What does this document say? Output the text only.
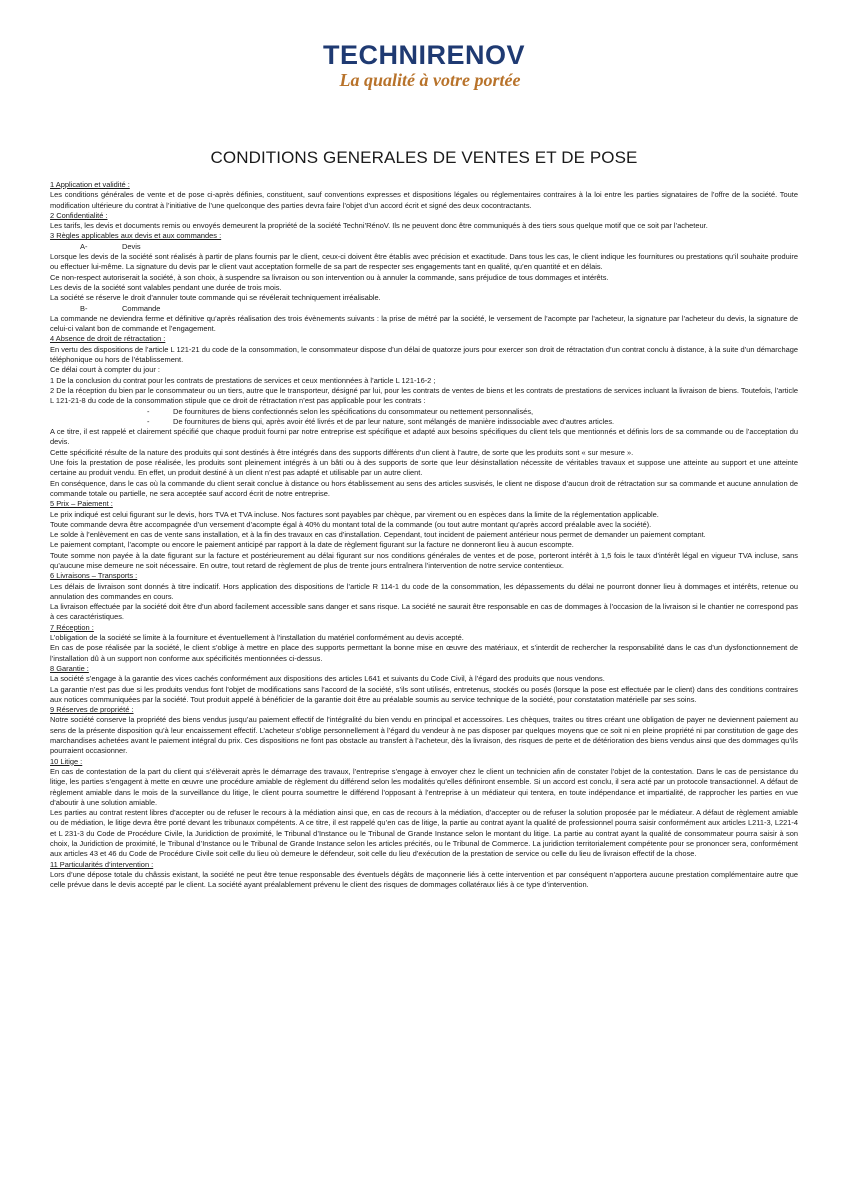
TECHNIRENOV
La qualité à votre portée
CONDITIONS GENERALES DE VENTES ET DE POSE

1 Application et validité :

Les conditions générales de vente et de pose ci-après définies, constituent, sauf conventions expresses et dispositions légales ou réglementaires contraires à la loi entre les parties signataires de l’offre de la société. Toute modification ultérieure du contrat à l’initiative de l’une quelconque des parties devra faire l’objet d’un accord écrit et signé des deux cocontractants.

2 Confidentialité :

Les tarifs, les devis et documents remis ou envoyés demeurent la propriété de la société Techni’RénoV. Ils ne peuvent donc être communiqués à des tiers sous quelque motif que ce soit par l’acheteur.

3 Règles applicables aux devis et aux commandes :

A-	Devis

Lorsque les devis de la société sont réalisés à partir de plans fournis par le client, ceux-ci doivent être établis avec précision et exactitude. Dans tous les cas, le client indique les fournitures ou prestations qu’il souhaite produire ou effectuer lui-même. La signature du devis par le client vaut acceptation formelle de sa part de respecter ses engagements tant en qualité, qu’en quantité et en délais.

Ce non-respect autoriserait la société, à son choix, à suspendre sa livraison ou son intervention ou à annuler la commande, sans préjudice de tous dommages et intérêts.

Les devis de la société sont valables pendant une durée de trois mois.

La société se réserve le droit d’annuler toute commande qui se révélerait techniquement irréalisable.

B-	Commande

La commande ne deviendra ferme et définitive qu’après réalisation des trois évènements suivants : la prise de métré par la société, le versement de l’acompte par l’acheteur, la signature par l’acheteur du devis, la signature de celui-ci valant bon de commande et l’engagement.

4 Absence de droit de rétractation :

En vertu des dispositions de l’article L 121-21 du code de la consommation, le consommateur dispose d’un délai de quatorze jours pour exercer son droit de rétractation d’un contrat conclu à distance, à la suite d’un démarchage téléphonique ou hors de l’établissement.

Ce délai court à compter du jour :

1 De la conclusion du contrat pour les contrats de prestations de services et ceux mentionnées à l’article L 121-16-2 ;

2 De la réception du bien par le consommateur ou un tiers, autre que le transporteur, désigné par lui, pour les contrats de ventes de biens et les contrats de prestations de services incluant la livraison de biens. Toutefois, l’article L 121-21-8 du code de la consommation stipule que ce droit de rétractation n’est pas applicable pour les contrats :

-	De fournitures de biens confectionnés selon les spécifications du consommateur ou nettement personnalisés,

-	De fournitures de biens qui, après avoir été livrés et de par leur nature, sont mélangés de manière indissociable avec d’autres articles.

A ce titre, il est rappelé et clairement spécifié que chaque produit fourni par notre entreprise est spécifique et adapté aux besoins spécifiques du client tels que mentionnés et définis lors de sa commande ou de l’acceptation du devis.

Cette spécificité résulte de la nature des produits qui sont destinés à être intégrés dans des supports différents d’un client à l’autre, de sorte que les produits sont « sur mesure ».

Une fois la prestation de pose réalisée, les produits sont pleinement intégrés à un bâti ou à des supports de sorte que leur désinstallation nécessite de véritables travaux et suppose une atteinte au support et une atteinte certaine au produit vendu. En effet, un produit destiné à un client n’est pas adapté et utilisable par un autre client.

En conséquence, dans le cas où la commande du client serait conclue à distance ou hors établissement au sens des articles susvisés, le client ne dispose d’aucun droit de rétractation sur sa commande et aucune annulation de commande totale ou partielle, ne sera acceptée sauf accord écrit de notre entreprise.

5 Prix – Paiement :

Le prix indiqué est celui figurant sur le devis, hors TVA et TVA incluse. Nos factures sont payables par chèque, par virement ou en espèces dans la limite de la réglementation applicable.

Toute commande devra être accompagnée d’un versement d’acompte égal à 40% du montant total de la commande (ou tout autre montant qu’après accord préalable avec la société).

Le solde à l’enlèvement en cas de vente sans installation, et à la fin des travaux en cas d’installation. Cependant, tout incident de paiement antérieur nous permet de demander un paiement comptant.

Le paiement comptant, l’acompte ou encore le paiement anticipé par rapport à la date de règlement figurant sur la facture ne donneront lieu à aucun escompte.

Toute somme non payée à la date figurant sur la facture et postérieurement au délai figurant sur nos conditions générales de ventes et de pose, porteront intérêt à 1,5 fois le taux d’intérêt légal en vigueur TVA incluse, sans qu’aucune mise demeure ne soit nécessaire. En outre, tout retard de règlement de plus de trente jours entraînera l’intervention de notre service contentieux.

6 Livraisons – Transports :

Les délais de livraison sont donnés à titre indicatif. Hors application des dispositions de l’article R 114-1 du code de la consommation, les dépassements du délai ne pourront donner lieu à dommages et intérêts, retenue ou annulation des commandes en cours.

La livraison effectuée par la société doit être d’un abord facilement accessible sans danger et sans risque. La société ne saurait être responsable en cas de dommages à l’occasion de la livraison si le chantier ne correspond pas à ces caractéristiques.

7 Réception :

L’obligation de la société se limite à la fourniture et éventuellement à l’installation du matériel conformément au devis accepté.

En cas de pose réalisée par la société, le client s’oblige à mettre en place des supports permettant la bonne mise en œuvre des matériaux, et s’interdit de rechercher la responsabilité dans le cas d’un dysfonctionnement de l’installation dû à un support non conforme aux spécificités mentionnées ci-dessus.

8 Garantie :

La société s’engage à la garantie des vices cachés conformément aux dispositions des articles L641 et suivants du Code Civil, à l’égard des produits que nous vendons.

La garantie n’est pas due si les produits vendus font l’objet de modifications sans l’accord de la société, s’ils sont utilisés, entretenus, stockés ou posés (lorsque la pose est effectuée par le client) dans des conditions contraires aux notices communiquées par la société. Tout produit appelé à bénéficier de la garantie doit être au préalable soumis au service technique de la société, pour constatation matérielle par ses soins.

9 Réserves de propriété :

Notre société conserve la propriété des biens vendus jusqu’au paiement effectif de l’intégralité du bien vendu en principal et accessoires. Les chèques, traites ou titres créant une obligation de payer ne deviennent paiement au sens de la présente disposition qu’à leur encaissement effectif. L’acheteur s’oblige personnellement à l’égard du vendeur à ne pas disposer par quelques moyens que ce soit ni en pleine propriété ni par constitution de gage des marchandises achetées avant le paiement intégral du prix. Ces dispositions ne font pas obstacle au transfert à l’acheteur, dès la livraison, des risques de perte et de détérioration des biens vendus ainsi que des dommages qu’ils pourraient occasionner.

10 Litige :

En cas de contestation de la part du client qui s’élèverait après le démarrage des travaux, l’entreprise s’engage à envoyer chez le client un technicien afin de constater l’objet de la contestation. Dans le cas de persistance du litige, les parties s’engagent à mette en œuvre une procédure amiable de règlement du différend selon les modalités qu’elles définiront ensemble. Si un accord est conclu, il sera acté par un protocole transactionnel. A défaut de règlement amiable dans le mois de la surveillance du litige, le client pourra soumettre le différend l’opposant à l’entreprise à un médiateur qui tentera, en toute indépendance et impartialité, de rapprocher les parties en vue d’aboutir à une solution amiable.

Les parties au contrat restent libres d’accepter ou de refuser le recours à la médiation ainsi que, en cas de recours à la médiation, d’accepter ou de refuser la solution proposée par le médiateur. A défaut de règlement amiable ou de médiation, le litige devra être porté devant les tribunaux compétents. A ce titre, il est rappelé qu’en cas de litige, la partie au contrat ayant la qualité de professionnel pourra saisir conformément aux articles L211-3, L221-4 et L 231-3 du Code de Procédure Civile, la Juridiction de proximité, le Tribunal d’Instance ou le Tribunal de Grande Instance selon le montant du litige. La partie au contrat ayant la qualité de consommateur pourra saisir à son choix, la Juridiction de proximité, le Tribunal d’Instance ou le Tribunal de Grande Instance selon les articles précités, ou le Tribunal de Commerce. La juridiction territorialement compétente pour se prononcer sera, conformément aux articles 43 et 46 du Code de Procédure Civile soit celle du lieu où demeure le défendeur, soit celle du lieu d’exécution de la prestation de service ou celle du lieu de livraison effectif de la chose.

11 Particularités d’intervention :

Lors d’une dépose totale du châssis existant, la société ne peut être tenue responsable des éventuels dégâts de maçonnerie liés à cette intervention et par conséquent n’apportera aucune prestation complémentaire autre que celle prévue dans le devis accepté par le client. La société ayant préalablement prévenu le client des risques de dommages collatéraux liés à ce type d’intervention.
